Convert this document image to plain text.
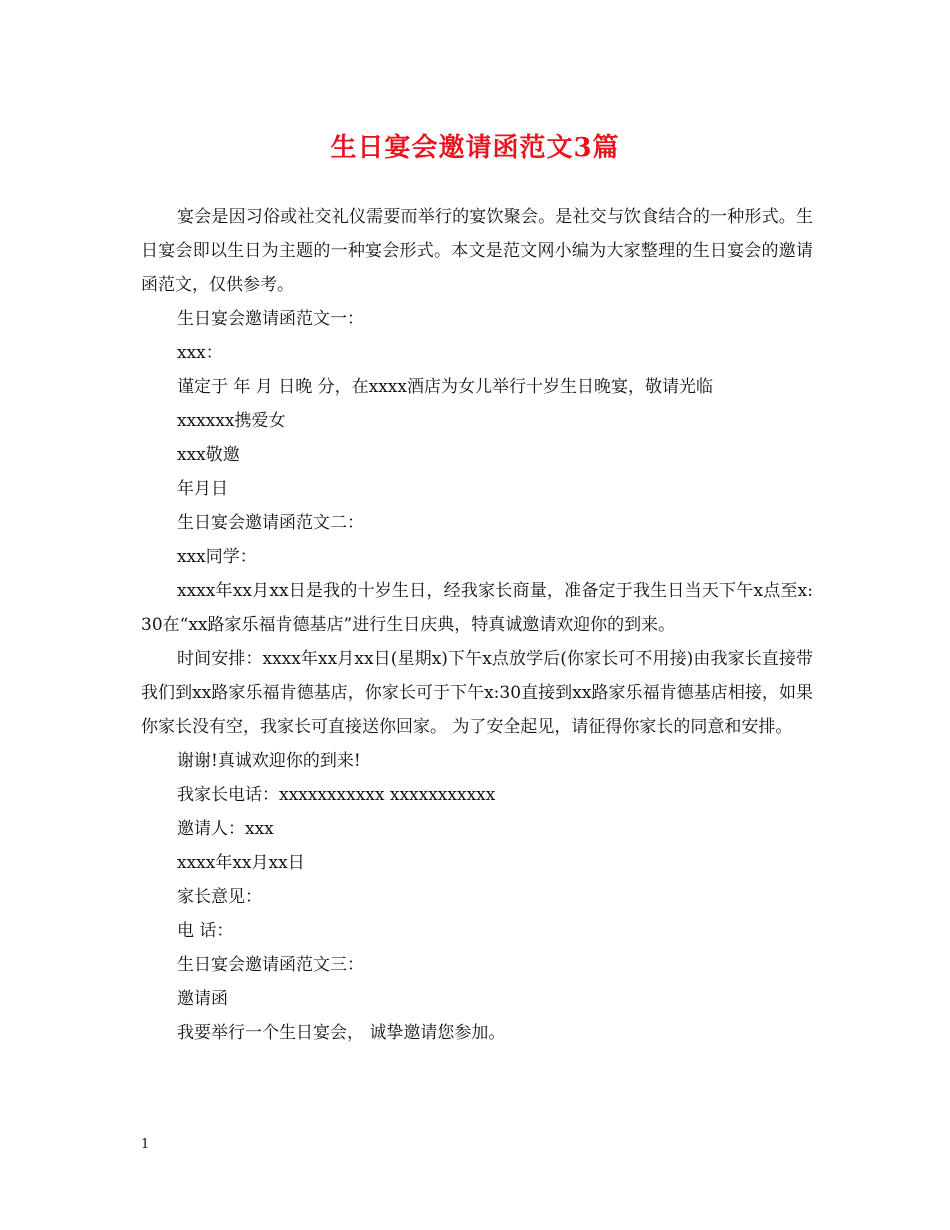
生日宴会邀请函范文3篇

宴会是因习俗或社交礼仪需要而举行的宴饮聚会。是社交与饮食结合的一种形式。生日宴会即以生日为主题的一种宴会形式。本文是范文网小编为大家整理的生日宴会的邀请函范文，仅供参考。

生日宴会邀请函范文一：

xxx：

谨定于 年 月 日晚 分，在xxxx酒店为女儿举行十岁生日晚宴，敬请光临

xxxxxx携爱女

xxx敬邀

年月日

生日宴会邀请函范文二：

xxx同学：

xxxx年xx月xx日是我的十岁生日，经我家长商量，准备定于我生日当天下午x点至x:30在“xx路家乐福肯德基店”进行生日庆典，特真诚邀请欢迎你的到来。

时间安排：xxxx年xx月xx日(星期x)下午x点放学后(你家长可不用接)由我家长直接带我们到xx路家乐福肯德基店，你家长可于下午x:30直接到xx路家乐福肯德基店相接，如果你家长没有空，我家长可直接送你回家。 为了安全起见，请征得你家长的同意和安排。

谢谢!真诚欢迎你的到来!

我家长电话：xxxxxxxxxxx xxxxxxxxxxx

邀请人：xxx

xxxx年xx月xx日

家长意见：

电 话：

生日宴会邀请函范文三：

邀请函

我要举行一个生日宴会， 诚挚邀请您参加。

1
